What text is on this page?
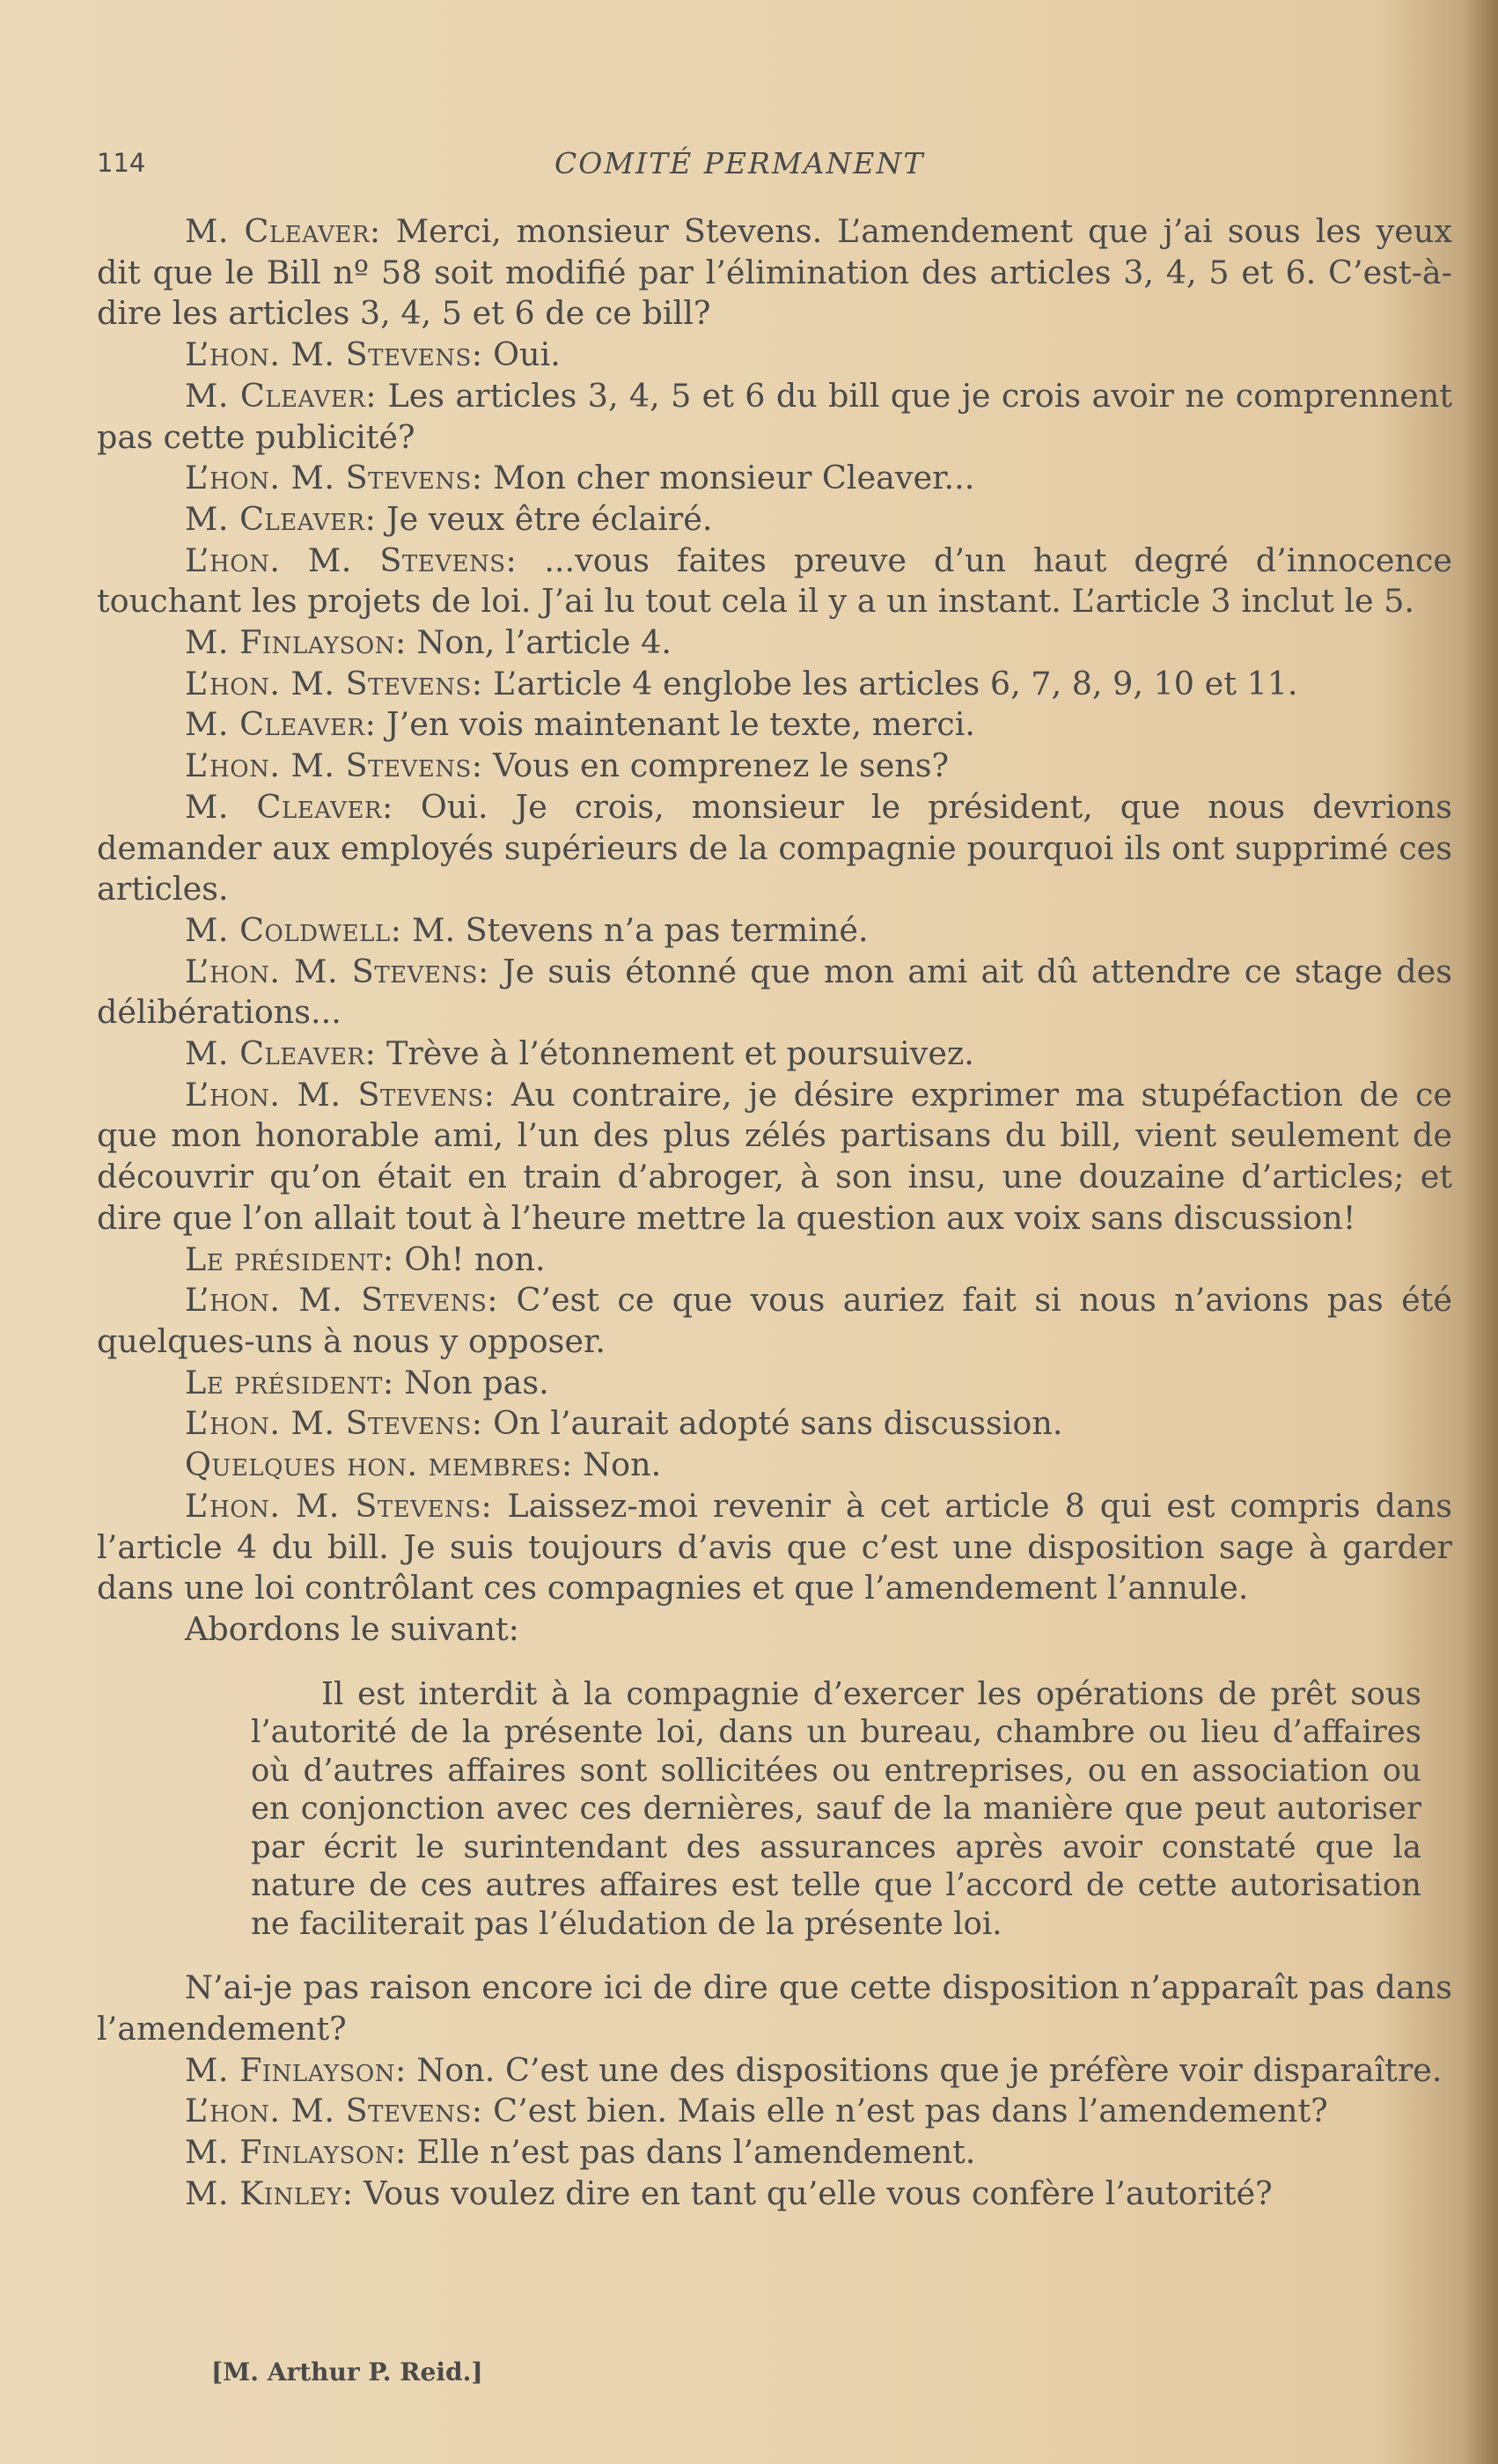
114	COMITÉ PERMANENT

M. Cleaver: Merci, monsieur Stevens. L’amendement que j’ai sous les yeux dit que le Bill nº 58 soit modifié par l’élimination des articles 3, 4, 5 et 6. C’est-à-dire les articles 3, 4, 5 et 6 de ce bill?

L’hon. M. Stevens: Oui.

M. Cleaver: Les articles 3, 4, 5 et 6 du bill que je crois avoir ne comprennent pas cette publicité?

L’hon. M. Stevens: Mon cher monsieur Cleaver...

M. Cleaver: Je veux être éclairé.

L’hon. M. Stevens: ...vous faites preuve d’un haut degré d’innocence touchant les projets de loi. J’ai lu tout cela il y a un instant. L’article 3 inclut le 5.

M. Finlayson: Non, l’article 4.

L’hon. M. Stevens: L’article 4 englobe les articles 6, 7, 8, 9, 10 et 11.

M. Cleaver: J’en vois maintenant le texte, merci.

L’hon. M. Stevens: Vous en comprenez le sens?

M. Cleaver: Oui. Je crois, monsieur le président, que nous devrions demander aux employés supérieurs de la compagnie pourquoi ils ont supprimé ces articles.

M. Coldwell: M. Stevens n’a pas terminé.

L’hon. M. Stevens: Je suis étonné que mon ami ait dû attendre ce stage des délibérations...

M. Cleaver: Trève à l’étonnement et poursuivez.

L’hon. M. Stevens: Au contraire, je désire exprimer ma stupéfaction de ce que mon honorable ami, l’un des plus zélés partisans du bill, vient seulement de découvrir qu’on était en train d’abroger, à son insu, une douzaine d’articles; et dire que l’on allait tout à l’heure mettre la question aux voix sans discussion!

Le président: Oh! non.

L’hon. M. Stevens: C’est ce que vous auriez fait si nous n’avions pas été quelques-uns à nous y opposer.

Le président: Non pas.

L’hon. M. Stevens: On l’aurait adopté sans discussion.

Quelques hon. membres: Non.

L’hon. M. Stevens: Laissez-moi revenir à cet article 8 qui est compris dans l’article 4 du bill. Je suis toujours d’avis que c’est une disposition sage à garder dans une loi contrôlant ces compagnies et que l’amendement l’annule.

Abordons le suivant:

Il est interdit à la compagnie d’exercer les opérations de prêt sous l’autorité de la présente loi, dans un bureau, chambre ou lieu d’affaires où d’autres affaires sont sollicitées ou entreprises, ou en association ou en conjonction avec ces dernières, sauf de la manière que peut autoriser par écrit le surintendant des assurances après avoir constaté que la nature de ces autres affaires est telle que l’accord de cette autorisation ne faciliterait pas l’éludation de la présente loi.

N’ai-je pas raison encore ici de dire que cette disposition n’apparaît pas dans l’amendement?

M. Finlayson: Non. C’est une des dispositions que je préfère voir disparaître.

L’hon. M. Stevens: C’est bien. Mais elle n’est pas dans l’amendement?

M. Finlayson: Elle n’est pas dans l’amendement.

M. Kinley: Vous voulez dire en tant qu’elle vous confère l’autorité?

[M. Arthur P. Reid.]
